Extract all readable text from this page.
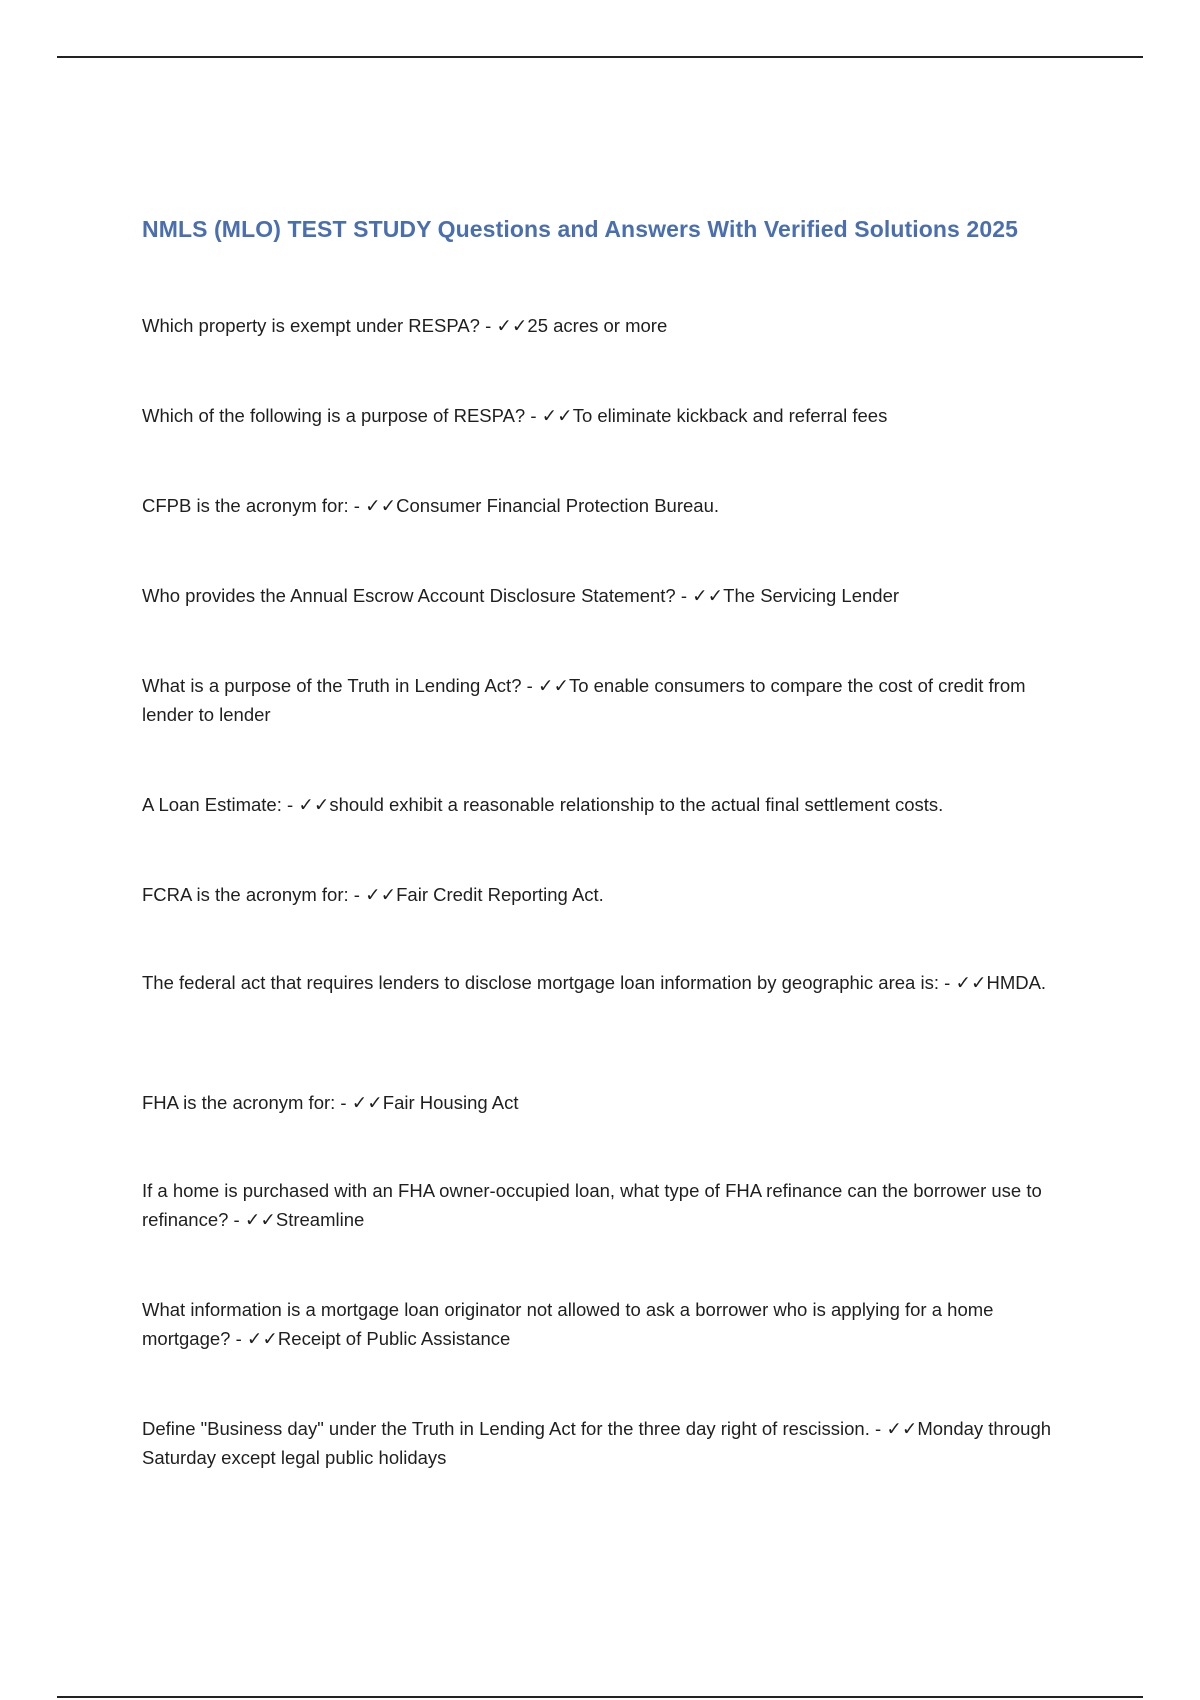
NMLS (MLO) TEST STUDY Questions and Answers With Verified Solutions 2025

Which property is exempt under RESPA? - ✓✓25 acres or more

Which of the following is a purpose of RESPA? - ✓✓To eliminate kickback and referral fees

CFPB is the acronym for: - ✓✓Consumer Financial Protection Bureau.

Who provides the Annual Escrow Account Disclosure Statement? - ✓✓The Servicing Lender

What is a purpose of the Truth in Lending Act? - ✓✓To enable consumers to compare the cost of credit from lender to lender

A Loan Estimate: - ✓✓should exhibit a reasonable relationship to the actual final settlement costs.

FCRA is the acronym for: - ✓✓Fair Credit Reporting Act.

The federal act that requires lenders to disclose mortgage loan information by geographic area is: - ✓✓HMDA.

FHA is the acronym for: - ✓✓Fair Housing Act

If a home is purchased with an FHA owner-occupied loan, what type of FHA refinance can the borrower use to refinance? - ✓✓Streamline

What information is a mortgage loan originator not allowed to ask a borrower who is applying for a home mortgage? - ✓✓Receipt of Public Assistance

Define "Business day" under the Truth in Lending Act for the three day right of rescission. - ✓✓Monday through Saturday except legal public holidays
